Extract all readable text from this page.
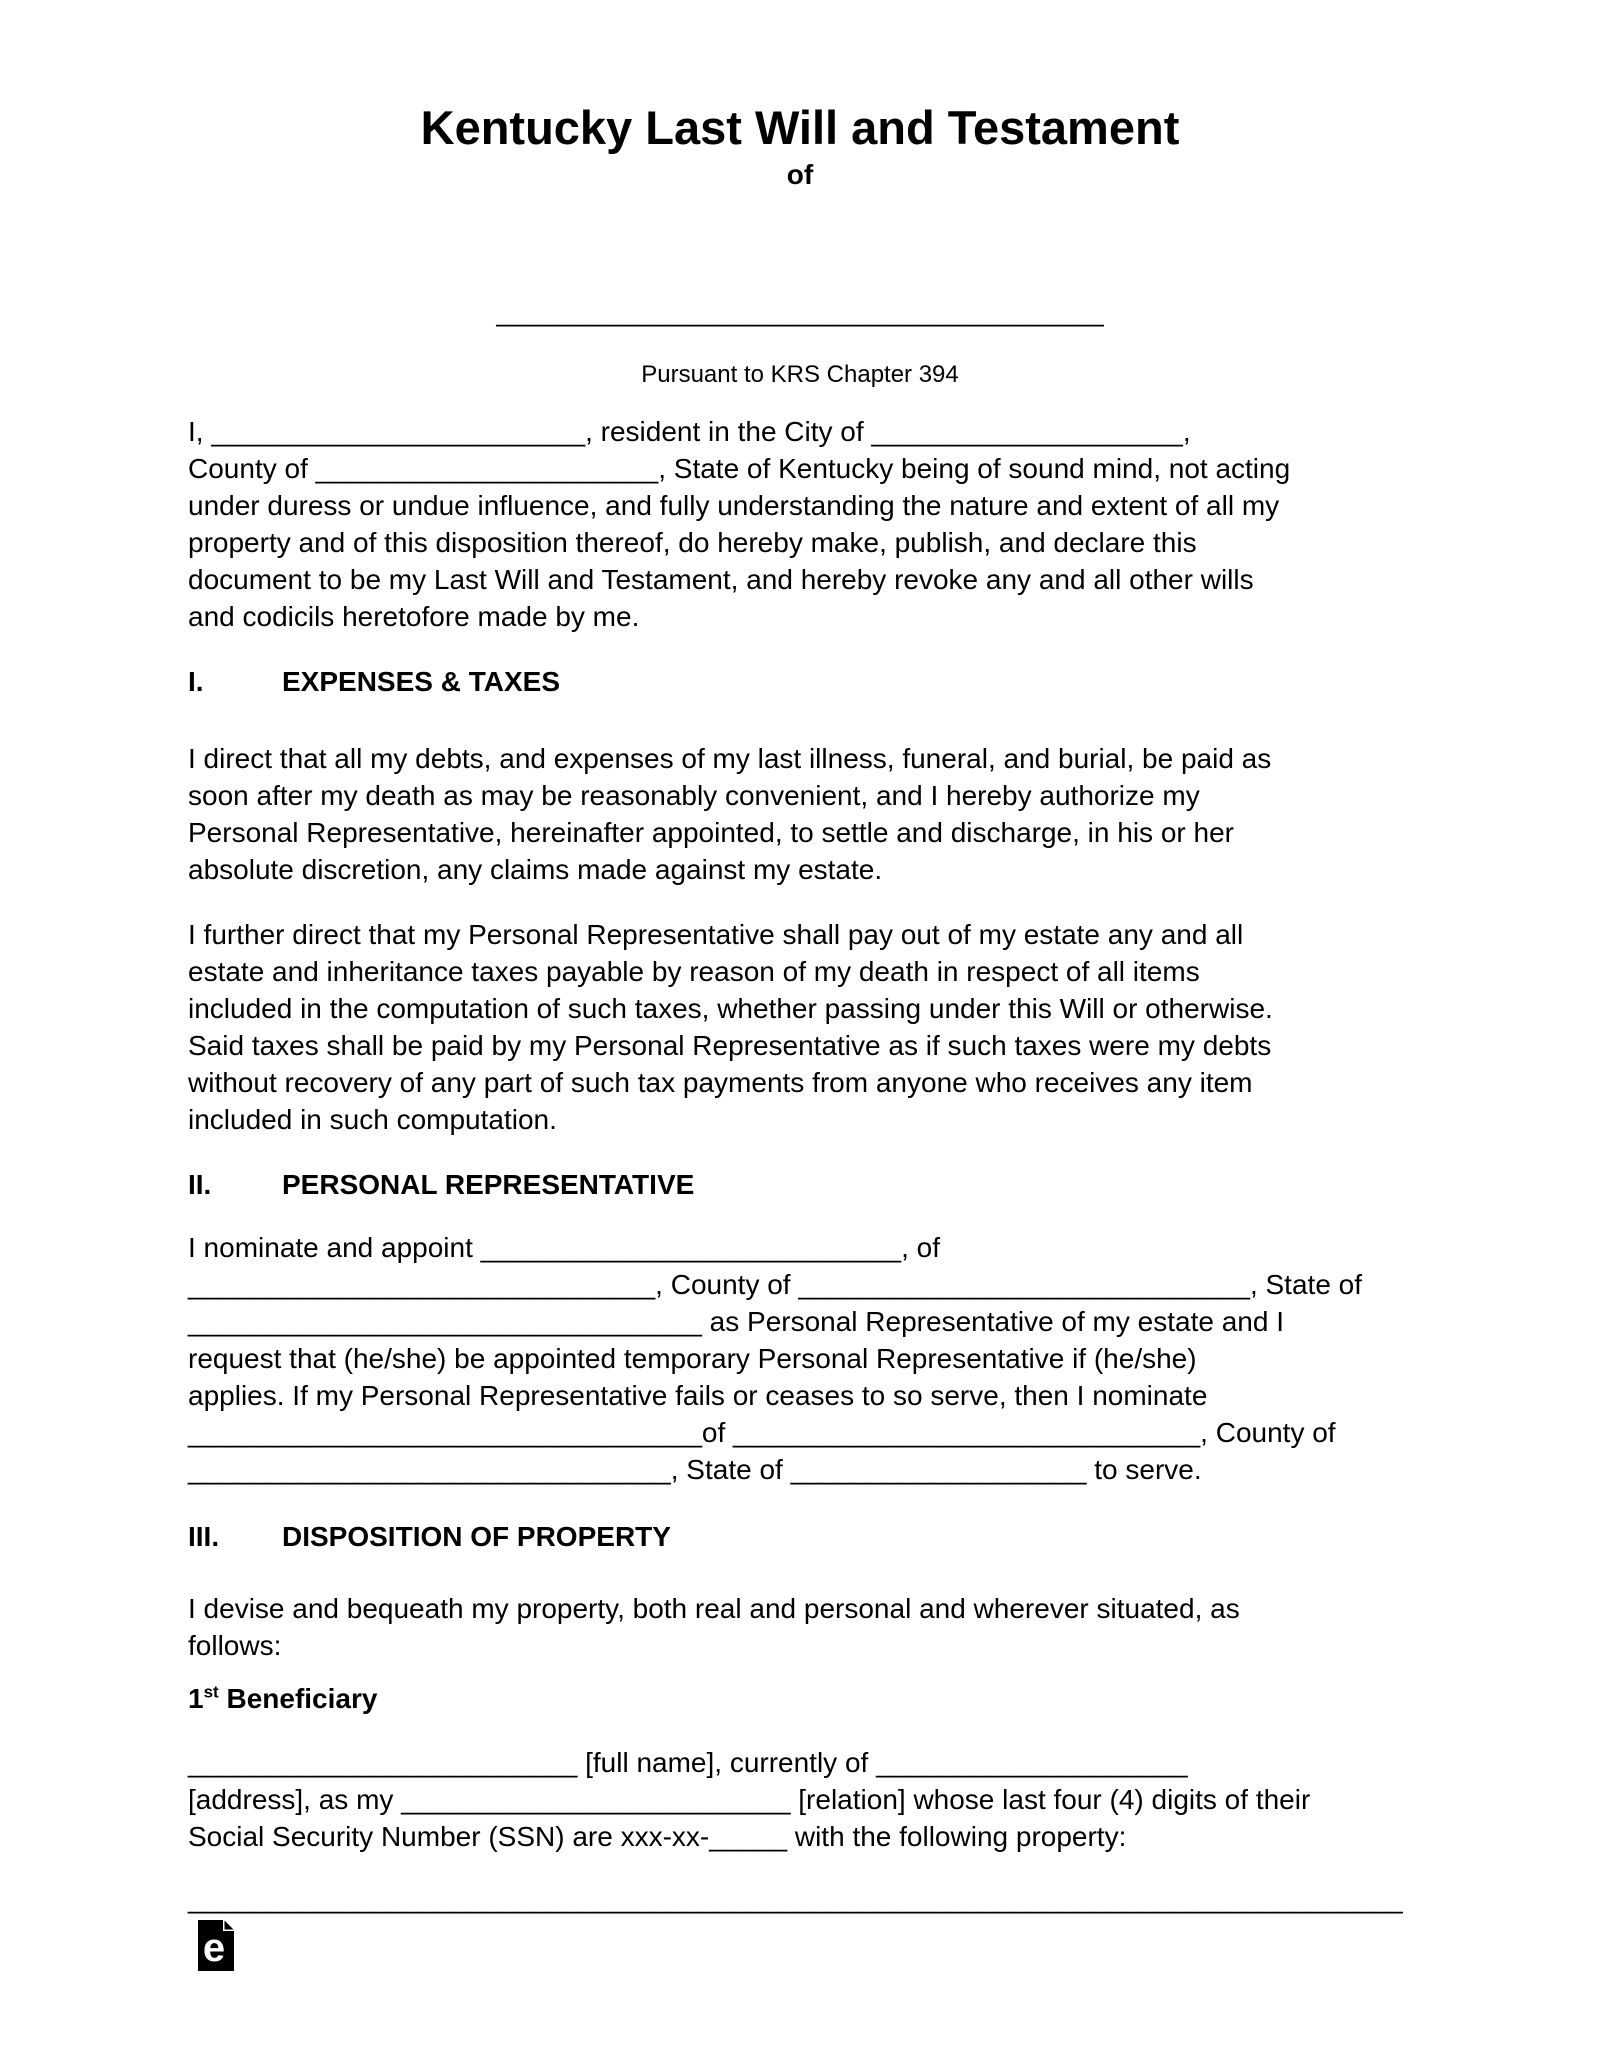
Kentucky Last Will and Testament
of
_______________________________________
Pursuant to KRS Chapter 394
I, ________________________, resident in the City of ____________________,
County of ______________________, State of Kentucky being of sound mind, not acting
under duress or undue influence, and fully understanding the nature and extent of all my
property and of this disposition thereof, do hereby make, publish, and declare this
document to be my Last Will and Testament, and hereby revoke any and all other wills
and codicils heretofore made by me.
I.	EXPENSES & TAXES
I direct that all my debts, and expenses of my last illness, funeral, and burial, be paid as
soon after my death as may be reasonably convenient, and I hereby authorize my
Personal Representative, hereinafter appointed, to settle and discharge, in his or her
absolute discretion, any claims made against my estate.
I further direct that my Personal Representative shall pay out of my estate any and all
estate and inheritance taxes payable by reason of my death in respect of all items
included in the computation of such taxes, whether passing under this Will or otherwise.
Said taxes shall be paid by my Personal Representative as if such taxes were my debts
without recovery of any part of such tax payments from anyone who receives any item
included in such computation.
II.	PERSONAL REPRESENTATIVE
I nominate and appoint ___________________________, of
______________________________, County of _____________________________, State of
_________________________________ as Personal Representative of my estate and I
request that (he/she) be appointed temporary Personal Representative if (he/she)
applies. If my Personal Representative fails or ceases to so serve, then I nominate
_________________________________of ______________________________, County of
_______________________________, State of ___________________ to serve.
III. DISPOSITION OF PROPERTY
I devise and bequeath my property, both real and personal and wherever situated, as
follows:
1st Beneficiary
_________________________ [full name], currently of ____________________
[address], as my _________________________ [relation] whose last four (4) digits of their
Social Security Number (SSN) are xxx-xx-_____ with the following property:
______________________________________________________________________________
e
